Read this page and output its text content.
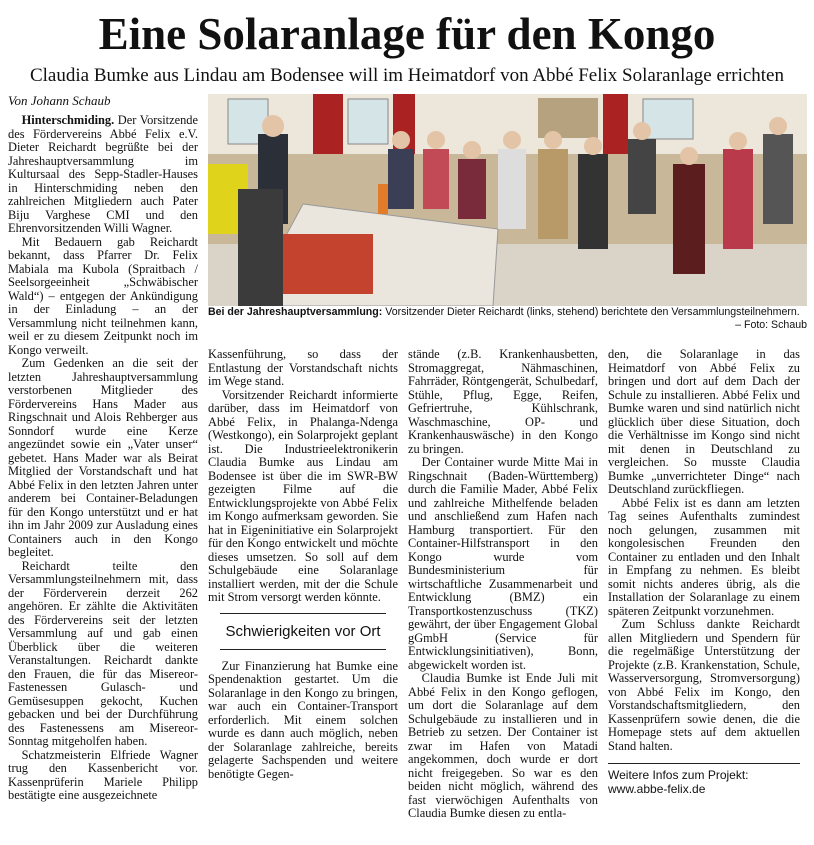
Eine Solaranlage für den Kongo
Claudia Bumke aus Lindau am Bodensee will im Heimatdorf von Abbé Felix Solaranlage errichten
Von Johann Schaub

Hinterschmiding. Der Vorsitzende des Fördervereins Abbé Felix e.V. Dieter Reichardt begrüßte bei der Jahreshauptversammlung im Kultursaal des Sepp-Stadler-Hauses in Hinterschmiding neben den zahlreichen Mitgliedern auch Pater Biju Varghese CMI und den Ehrenvorsitzenden Willi Wagner.

Mit Bedauern gab Reichardt bekannt, dass Pfarrer Dr. Felix Mabiala ma Kubola (Spraitbach / Seelsorgeeinheit „Schwäbischer Wald“) – entgegen der Ankündigung in der Einladung – an der Versammlung nicht teilnehmen kann, weil er zu diesem Zeitpunkt noch im Kongo verweilt.

Zum Gedenken an die seit der letzten Jahreshauptversammlung verstorbenen Mitglieder des Fördervereins Hans Mader aus Ringschnait und Alois Rehberger aus Sonndorf wurde eine Kerze angezündet sowie ein „Vater unser“ gebetet. Hans Mader war als Beirat Mitglied der Vorstandschaft und hat Abbé Felix in den letzten Jahren unter anderem bei Container-Beladungen für den Kongo unterstützt und er hat ihn im Jahr 2009 zur Ausladung eines Containers auch in den Kongo begleitet.

Reichardt teilte den Versammlungsteilnehmern mit, dass der Förderverein derzeit 262 angehören. Er zählte die Aktivitäten des Fördervereins seit der letzten Versammlung auf und gab einen Überblick über die weiteren Veranstaltungen. Reichardt dankte den Frauen, die für das Misereor-Fastenessen Gulasch- und Gemüsesuppen gekocht, Kuchen gebacken und bei der Durchführung des Fastenessens am Misereor-Sonntag mitgeholfen haben.

Schatzmeisterin Elfriede Wagner trug den Kassenbericht vor. Kassenprüferin Mariele Philipp bestätigte eine ausgezeichnete

Bei der Jahreshauptversammlung: Vorsitzender Dieter Reichardt (links, stehend) berichtete den Versammlungsteilnehmern.
– Foto: Schaub

Kassenführung, so dass der Entlastung der Vorstandschaft nichts im Wege stand.

Vorsitzender Reichardt informierte darüber, dass im Heimatdorf von Abbé Felix, in Phalanga-Ndenga (Westkongo), ein Solarprojekt geplant ist. Die Industrieelektronikerin Claudia Bumke aus Lindau am Bodensee ist über die im SWR-BW gezeigten Filme auf die Entwicklungsprojekte von Abbé Felix im Kongo aufmerksam geworden. Sie hat in Eigeninitiative ein Solarprojekt für den Kongo entwickelt und möchte dieses umsetzen. So soll auf dem Schulgebäude eine Solaranlage installiert werden, mit der die Schule mit Strom versorgt werden könnte.

Schwierigkeiten vor Ort

Zur Finanzierung hat Bumke eine Spendenaktion gestartet. Um die Solaranlage in den Kongo zu bringen, war auch ein Container-Transport erforderlich. Mit einem solchen wurde es dann auch möglich, neben der Solaranlage zahlreiche, bereits gelagerte Sachspenden und weitere benötigte Gegen-

stände (z.B. Krankenhausbetten, Stromaggregat, Nähmaschinen, Fahrräder, Röntgengerät, Schulbedarf, Stühle, Pflug, Egge, Reifen, Gefriertruhe, Kühlschrank, Waschmaschine, OP- und Krankenhauswäsche) in den Kongo zu bringen.

Der Container wurde Mitte Mai in Ringschnait (Baden-Württemberg) durch die Familie Mader, Abbé Felix und zahlreiche Mithelfende beladen und anschließend zum Hafen nach Hamburg transportiert. Für den Container-Hilfstransport in den Kongo wurde vom Bundesministerium für wirtschaftliche Zusammenarbeit und Entwicklung (BMZ) ein Transportkostenzuschuss (TKZ) gewährt, der über Engagement Global gGmbH (Service für Entwicklungsinitiativen), Bonn, abgewickelt worden ist.

Claudia Bumke ist Ende Juli mit Abbé Felix in den Kongo geflogen, um dort die Solaranlage auf dem Schulgebäude zu installieren und in Betrieb zu setzen. Der Container ist zwar im Hafen von Matadi angekommen, doch wurde er dort nicht freigegeben. So war es den beiden nicht möglich, während des fast vierwöchigen Aufenthalts von Claudia Bumke diesen zu entla-

den, die Solaranlage in das Heimatdorf von Abbé Felix zu bringen und dort auf dem Dach der Schule zu installieren. Abbé Felix und Bumke waren und sind natürlich nicht glücklich über diese Situation, doch die Verhältnisse im Kongo sind nicht mit denen in Deutschland zu vergleichen. So musste Claudia Bumke „unverrichteter Dinge“ nach Deutschland zurückfliegen.

Abbé Felix ist es dann am letzten Tag seines Aufenthalts zumindest noch gelungen, zusammen mit kongolesischen Freunden den Container zu entladen und den Inhalt in Empfang zu nehmen. Es bleibt somit nichts anderes übrig, als die Installation der Solaranlage zu einem späteren Zeitpunkt vorzunehmen.

Zum Schluss dankte Reichardt allen Mitgliedern und Spendern für die regelmäßige Unterstützung der Projekte (z.B. Krankenstation, Schule, Wasserversorgung, Stromversorgung) von Abbé Felix im Kongo, den Vorstandschaftsmitgliedern, den Kassenprüfern sowie denen, die die Homepage stets auf dem aktuellen Stand halten.

Weitere Infos zum Projekt: www.abbe-felix.de
